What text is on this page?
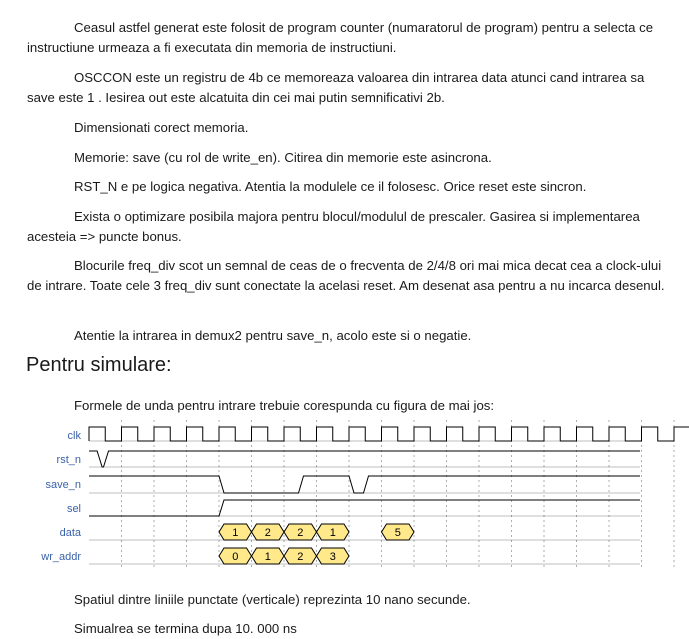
Ceasul astfel generat este folosit de program counter (numaratorul de program) pentru a selecta ce instructiune urmeaza a fi executata din memoria de instructiuni.

OSCCON este un registru de 4b ce memoreaza valoarea din intrarea data atunci cand intrarea sa save este 1 . Iesirea out este alcatuita din cei mai putin semnificativi 2b.

Dimensionati corect memoria.

Memorie: save (cu rol de write_en). Citirea din memorie este asincrona.

RST_N e pe logica negativa. Atentia la modulele ce il folosesc. Orice reset este sincron.

Exista o optimizare posibila majora pentru blocul/modulul de prescaler. Gasirea si implementarea acesteia => puncte bonus.

Blocurile freq_div scot un semnal de ceas de o frecventa de 2/4/8 ori mai mica decat cea a clock-ului de intrare. Toate cele 3 freq_div sunt conectate la acelasi reset. Am desenat asa pentru a nu incarca desenul.

Atentie la intrarea in demux2 pentru save_n, acolo este si o negatie.

Pentru simulare:

Formele de unda pentru intrare trebuie corespunda cu figura de mai jos:

clk
rst_n
save_n
sel
data
wr_addr
1 2 2 1	5
0 1 2 3

Spatiul dintre liniile punctate (verticale) reprezinta 10 nano secunde.

Simualrea se termina dupa 10. 000 ns
